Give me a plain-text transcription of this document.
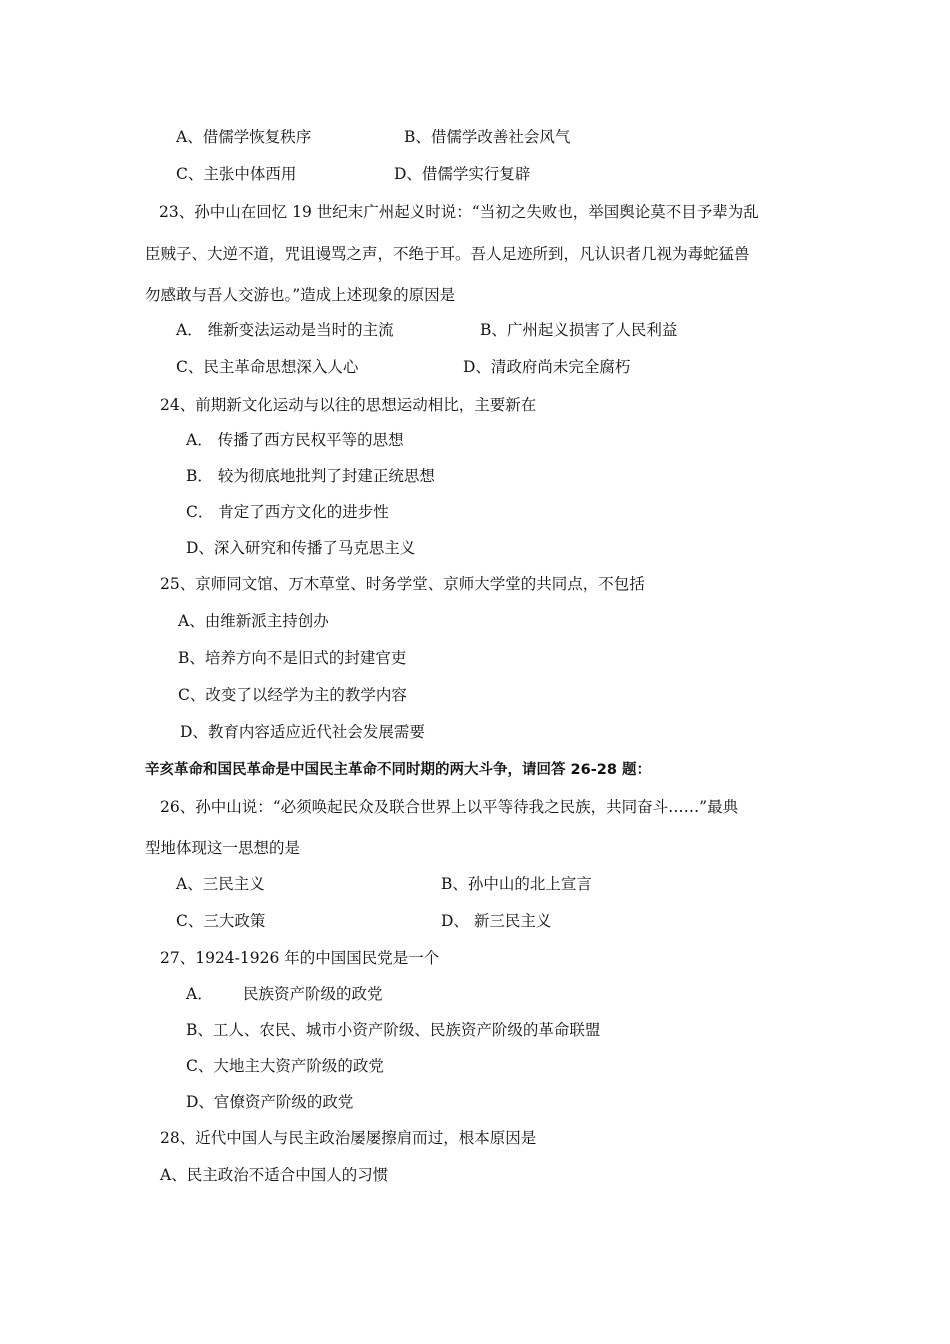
A、借儒学恢复秩序	B、借儒学改善社会风气
C、主张中体西用	D、借儒学实行复辟
23、孙中山在回忆 19 世纪末广州起义时说：“当初之失败也，举国舆论莫不目予辈为乱
臣贼子、大逆不道，咒诅谩骂之声，不绝于耳。吾人足迹所到，凡认识者几视为毒蛇猛兽
勿感敢与吾人交游也。”造成上述现象的原因是
A． 维新变法运动是当时的主流	B、广州起义损害了人民利益
C、民主革命思想深入人心	D、清政府尚未完全腐朽
24、前期新文化运动与以往的思想运动相比，主要新在
A． 传播了西方民权平等的思想
B． 较为彻底地批判了封建正统思想
C． 肯定了西方文化的进步性
D、深入研究和传播了马克思主义
25、京师同文馆、万木草堂、时务学堂、京师大学堂的共同点，不包括
A、由维新派主持创办
B、培养方向不是旧式的封建官吏
C、改变了以经学为主的教学内容
D、教育内容适应近代社会发展需要
辛亥革命和国民革命是中国民主革命不同时期的两大斗争，请回答 26-28 题：
26、孙中山说：“必须唤起民众及联合世界上以平等待我之民族，共同奋斗……”最典
型地体现这一思想的是
A、三民主义	B、孙中山的北上宣言
C、三大政策	D、 新三民主义
27、1924-1926 年的中国国民党是一个
A． 民族资产阶级的政党
B、工人、农民、城市小资产阶级、民族资产阶级的革命联盟
C、大地主大资产阶级的政党
D、官僚资产阶级的政党
28、近代中国人与民主政治屡屡擦肩而过，根本原因是
A、民主政治不适合中国人的习惯
